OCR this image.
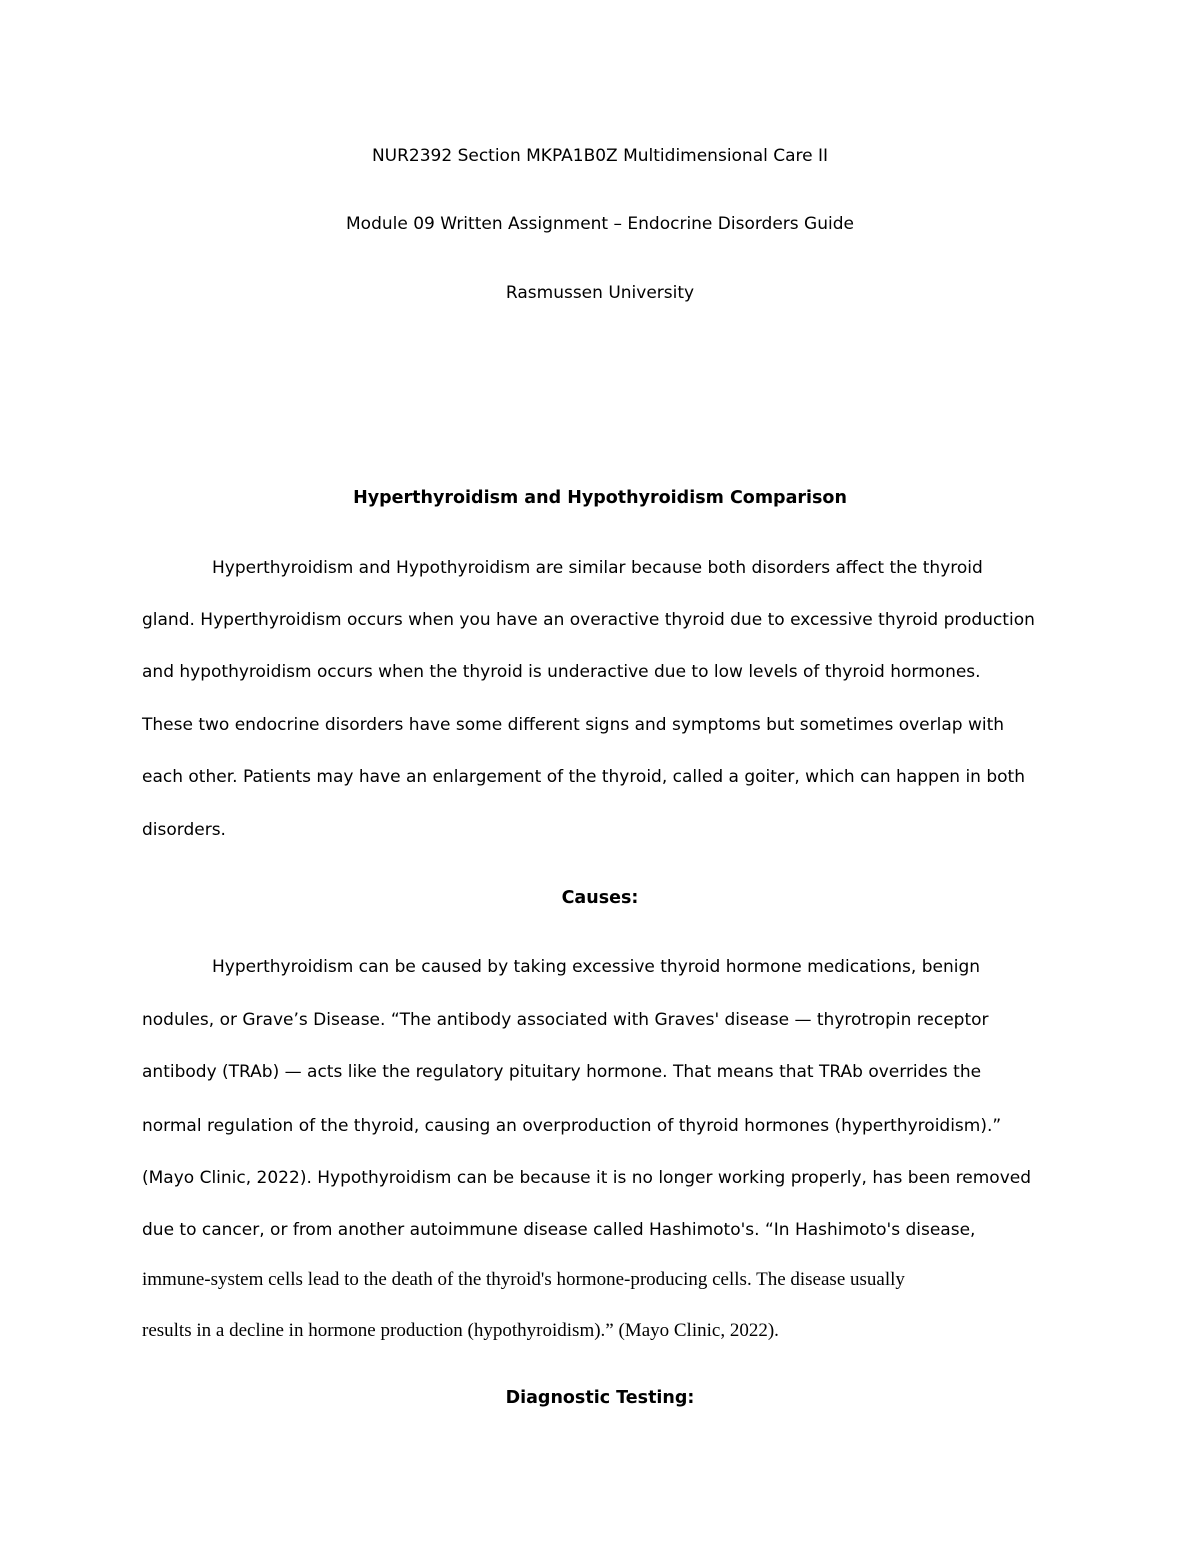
NUR2392 Section MKPA1B0Z Multidimensional Care II

Module 09 Written Assignment – Endocrine Disorders Guide

Rasmussen University

Hyperthyroidism and Hypothyroidism Comparison

Hyperthyroidism and Hypothyroidism are similar because both disorders affect the thyroid

gland. Hyperthyroidism occurs when you have an overactive thyroid due to excessive thyroid production

and hypothyroidism occurs when the thyroid is underactive due to low levels of thyroid hormones.

These two endocrine disorders have some different signs and symptoms but sometimes overlap with

each other. Patients may have an enlargement of the thyroid, called a goiter, which can happen in both

disorders.

Causes:

Hyperthyroidism can be caused by taking excessive thyroid hormone medications, benign

nodules, or Grave’s Disease. “The antibody associated with Graves' disease — thyrotropin receptor

antibody (TRAb) — acts like the regulatory pituitary hormone. That means that TRAb overrides the

normal regulation of the thyroid, causing an overproduction of thyroid hormones (hyperthyroidism).”

(Mayo Clinic, 2022). Hypothyroidism can be because it is no longer working properly, has been removed

due to cancer, or from another autoimmune disease called Hashimoto's. “In Hashimoto's disease,

immune-system cells lead to the death of the thyroid's hormone-producing cells. The disease usually

results in a decline in hormone production (hypothyroidism).” (Mayo Clinic, 2022).

Diagnostic Testing:
